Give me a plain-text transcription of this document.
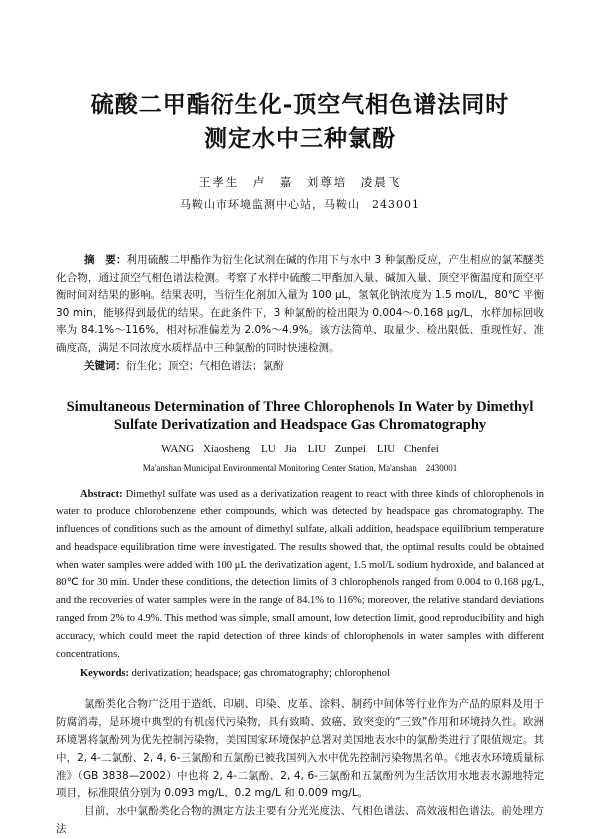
硫酸二甲酯衍生化-顶空气相色谱法同时
测定水中三种氯酚
王孝生　卢　嘉　刘尊培　凌晨飞
马鞍山市环境监测中心站，马鞍山　243001
摘　要：利用硫酸二甲酯作为衍生化试剂在碱的作用下与水中 3 种氯酚反应，产生相应的氯苯醚类化合物，通过顶空气相色谱法检测。考察了水样中硫酸二甲酯加入量、碱加入量、顶空平衡温度和顶空平衡时间对结果的影响。结果表明，当衍生化剂加入量为 100 μL，氢氧化钠浓度为 1.5 mol/L，80℃ 平衡 30 min，能够得到最优的结果。在此条件下，3 种氯酚的检出限为 0.004～0.168 μg/L，水样加标回收率为 84.1%～116%，相对标准偏差为 2.0%～4.9%。该方法简单、取量少、检出限低、重现性好、准确度高，满足不同浓度水质样品中三种氯酚的同时快速检测。
关键词：衍生化；顶空；气相色谱法；氯酚
Simultaneous Determination of Three Chlorophenols In Water by Dimethyl
Sulfate Derivatization and Headspace Gas Chromatography
WANG Xiaosheng　LU Jia　LIU Zunpei　LIU Chenfei
Ma'anshan Municipal Environmental Monitoring Center Station, Ma'anshan　2430001
Abstract: Dimethyl sulfate was used as a derivatization reagent to react with three kinds of chlorophenols in water to produce chlorobenzene ether compounds, which was detected by headspace gas chromatography. The influences of conditions such as the amount of dimethyl sulfate, alkali addition, headspace equilibrium temperature and headspace equilibration time were investigated. The results showed that, the optimal results could be obtained when water samples were added with 100 μL the derivatization agent, 1.5 mol/L sodium hydroxide, and balanced at 80℃ for 30 min. Under these conditions, the detection limits of 3 chlorophenols ranged from 0.004 to 0.168 μg/L, and the recoveries of water samples were in the range of 84.1% to 116%; moreover, the relative standard deviations ranged from 2% to 4.9%. This method was simple, small amount, low detection limit, good reproducibility and high accuracy, which could meet the rapid detection of three kinds of chlorophenols in water samples with different concentrations.
Keywords: derivatization; headspace; gas chromatography; chlorophenol

氯酚类化合物广泛用于造纸、印刷、印染、皮革、涂料、制药中间体等行业作为产品的原料及用于防腐消毒，是环境中典型的有机卤代污染物，具有致畸、致癌、致突变的“三致”作用和环境持久性。欧洲环境署将氯酚列为优先控制污染物，美国国家环境保护总署对美国地表水中的氯酚类进行了限值规定。其中，2, 4-二氯酚、2, 4, 6-三氯酚和五氯酚已被我国列入水中优先控制污染物黑名单。《地表水环境质量标准》（GB 3838—2002）中也将 2, 4-二氯酚、2, 4, 6-三氯酚和五氯酚列为生活饮用水地表水源地特定项目，标准限值分别为 0.093 mg/L、0.2 mg/L 和 0.009 mg/L。

目前，水中氯酚类化合物的测定方法主要有分光光度法、气相色谱法、高效液相色谱法。前处理方法
